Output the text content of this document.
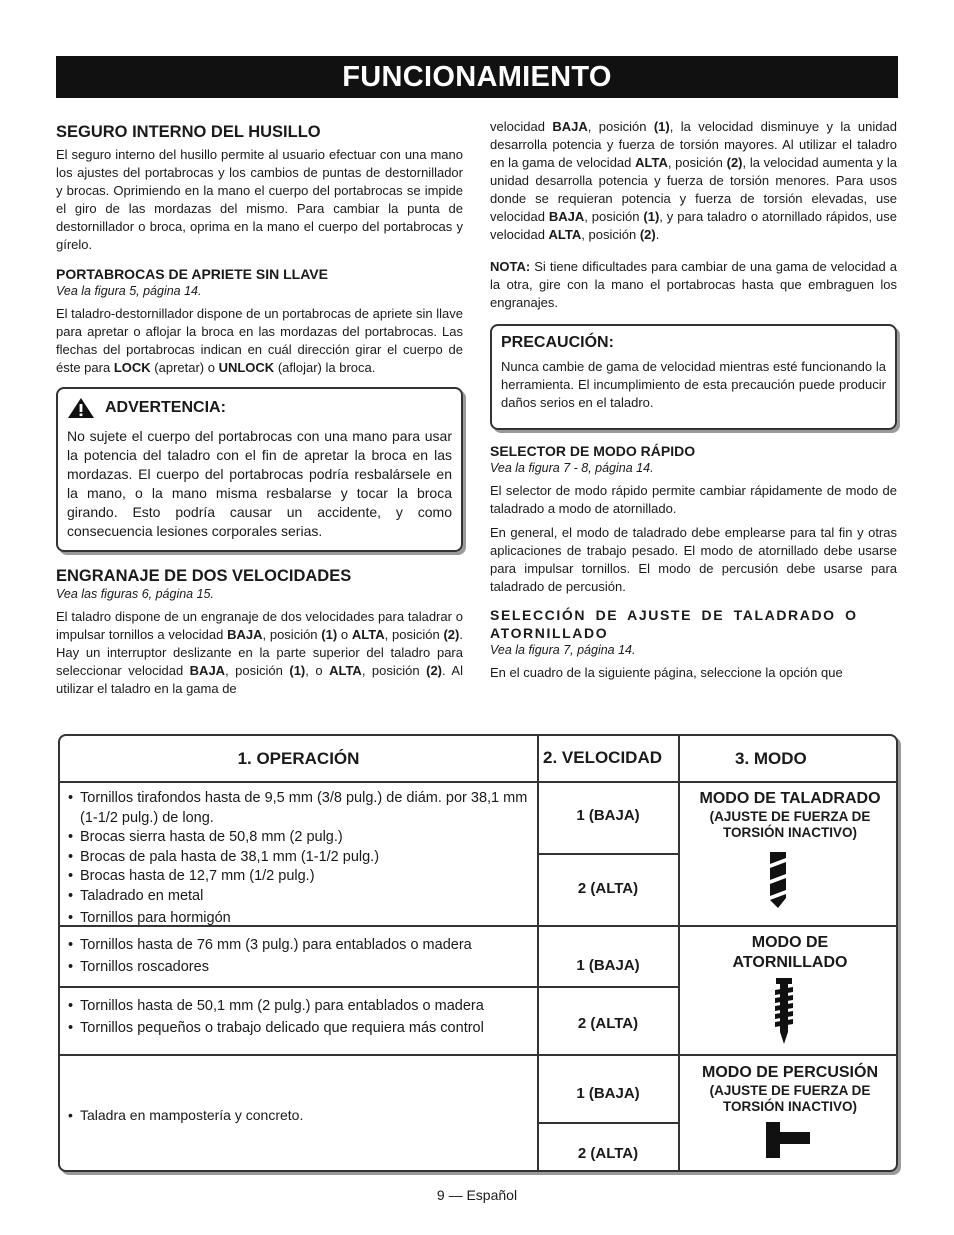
FUNCIONAMIENTO
SEGURO INTERNO DEL HUSILLO

El seguro interno del husillo permite al usuario efectuar con una mano los ajustes del portabrocas y los cambios de puntas de destornillador y brocas. Oprimiendo en la mano el cuerpo del portabrocas se impide el giro de las mordazas del mismo. Para cambiar la punta de destornillador o broca, oprima en la mano el cuerpo del portabrocas y gírelo.

PORTABROCAS DE APRIETE SIN LLAVE
Vea la figura 5, página 14.

El taladro-destornillador dispone de un portabrocas de apriete sin llave para apretar o aflojar la broca en las mordazas del portabrocas. Las flechas del portabrocas indican en cuál dirección girar el cuerpo de éste para LOCK (apretar) o UNLOCK (aflojar) la broca.

ADVERTENCIA:

No sujete el cuerpo del portabrocas con una mano para usar la potencia del taladro con el fin de apretar la broca en las mordazas. El cuerpo del portabrocas podría resbalársele en la mano, o la mano misma resbalarse y tocar la broca girando. Esto podría causar un accidente, y como consecuencia lesiones corporales serias.

ENGRANAJE DE DOS VELOCIDADES
Vea las figuras 6, página 15.

El taladro dispone de un engranaje de dos velocidades para taladrar o impulsar tornillos a velocidad BAJA, posición (1) o ALTA, posición (2). Hay un interruptor deslizante en la parte superior del taladro para seleccionar velocidad BAJA, posición (1), o ALTA, posición (2). Al utilizar el taladro en la gama de

velocidad BAJA, posición (1), la velocidad disminuye y la unidad desarrolla potencia y fuerza de torsión mayores. Al utilizar el taladro en la gama de velocidad ALTA, posición (2), la velocidad aumenta y la unidad desarrolla potencia y fuerza de torsión menores. Para usos donde se requieran potencia y fuerza de torsión elevadas, use velocidad BAJA, posición (1), y para taladro o atornillado rápidos, use velocidad ALTA, posición (2).

NOTA: Si tiene dificultades para cambiar de una gama de velocidad a la otra, gire con la mano el portabrocas hasta que embraguen los engranajes.

PRECAUCIÓN:

Nunca cambie de gama de velocidad mientras esté funcionando la herramienta. El incumplimiento de esta precaución puede producir daños serios en el taladro.

SELECTOR DE MODO RÁPIDO
Vea la figura 7 - 8, página 14.

El selector de modo rápido permite cambiar rápidamente de modo de taladrado a modo de atornillado.

En general, el modo de taladrado debe emplearse para tal fin y otras aplicaciones de trabajo pesado. El modo de atornillado debe usarse para impulsar tornillos. El modo de percusión debe usarse para taladrado de percusión.

SELECCIÓN DE AJUSTE DE TALADRADO O ATORNILLADO
Vea la figura 7, página 14.

En el cuadro de la siguiente página, seleccione la opción que

1. OPERACIÓN	2. VELOCIDAD	3. MODO
• Tornillos tirafondos hasta de 9,5 mm (3/8 pulg.) de diám. por 38,1 mm (1-1/2 pulg.) de long.
• Brocas sierra hasta de 50,8 mm (2 pulg.)
• Brocas de pala hasta de 38,1 mm (1-1/2 pulg.)
• Brocas hasta de 12,7 mm (1/2 pulg.)
• Taladrado en metal
• Tornillos para hormigón
• Tornillos hasta de 76 mm (3 pulg.) para entablados o madera
• Tornillos roscadores
• Tornillos hasta de 50,1 mm (2 pulg.) para entablados o madera
• Tornillos pequeños o trabajo delicado que requiera más control
• Taladra en mampostería y concreto.
1 (BAJA)
2 (ALTA)
1 (BAJA)
2 (ALTA)
1 (BAJA)
2 (ALTA)
MODO DE TALADRADO
(AJUSTE DE FUERZA DE TORSIÓN INACTIVO)
MODO DE ATORNILLADO
MODO DE PERCUSIÓN
(AJUSTE DE FUERZA DE TORSIÓN INACTIVO)
9 — Español
